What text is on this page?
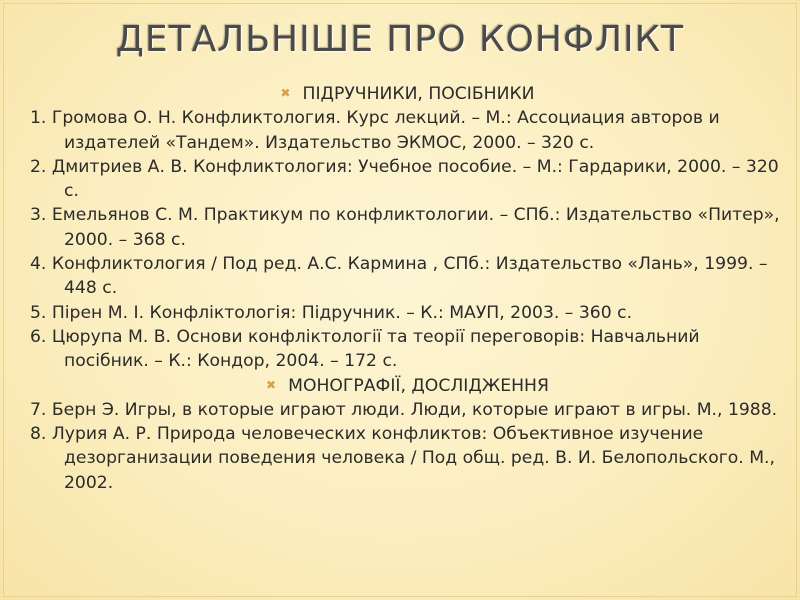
ДЕТАЛЬНІШЕ ПРО КОНФЛІКТ
✖ ПІДРУЧНИКИ, ПОСІБНИКИ

1. Громова О. Н. Конфликтология. Курс лекций. – М.: Ассоциация авторов и издателей «Тандем». Издательство ЭКМОС, 2000. – 320 с.

2. Дмитриев А. В. Конфликтология: Учебное пособие. – М.: Гардарики, 2000. – 320 с.

3. Емельянов С. М. Практикум по конфликтологии. – СПб.: Издательство «Питер», 2000. – 368 с.

4. Конфликтология / Под ред. А.С. Кармина , СПб.: Издательство «Лань», 1999. – 448 с.

5. Пірен М. І. Конфліктологія: Підручник. – К.: МАУП, 2003. – 360 с.

6. Цюрупа М. В. Основи конфліктології та теорії переговорів: Навчальний посібник. – К.: Кондор, 2004. – 172 с.

✖ МОНОГРАФІЇ, ДОСЛІДЖЕННЯ

7. Берн Э. Игры, в которые играют люди. Люди, которые играют в игры. М., 1988.

8. Лурия А. Р. Природа человеческих конфликтов: Объективное изучение дезорганизации поведения человека / Под общ. ред. В. И. Белопольского. М., 2002.
